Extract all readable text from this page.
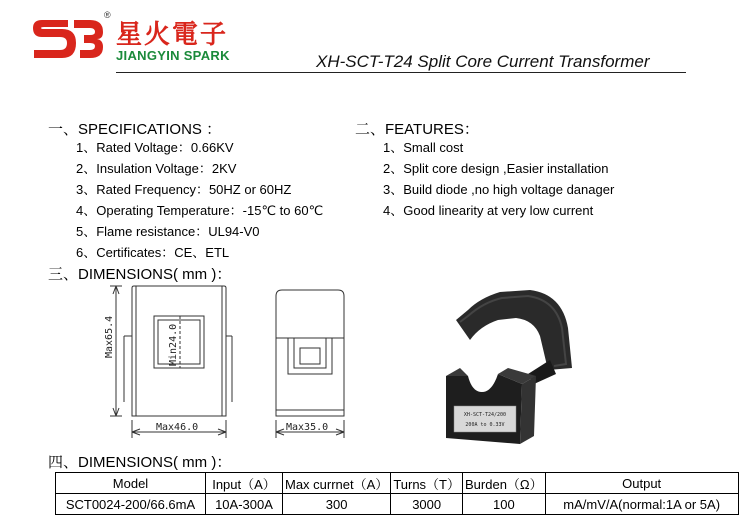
®
星火電子
JIANGYIN SPARK	XH-SCT-T24 Split Core Current Transformer
一、SPECIFICATIONS ：
1、Rated Voltage：0.66KV
2、Insulation Voltage：2KV
3、Rated Frequency：50HZ or 60HZ
4、Operating Temperature：-15℃ to 60℃
5、Flame resistance：UL94-V0
6、Certificates：CE、ETL
二、FEATURES：
1、Small cost
2、Split core design ,Easier installation
3、Build diode ,no high voltage danager
4、Good linearity at very low current
三、DIMENSIONS( mm )：
Max65.4	Min24.0
Max46.0	Max35.0
XH-SCT-T24/200
200A to 0.33V
四、DIMENSIONS( mm )：
Model	Input（A）	Max currnet（A）	Turns（T）	Burden（Ω）	Output
SCT0024-200/66.6mA	10A-300A	300	3000	100	mA/mV/A(normal:1A or 5A)
